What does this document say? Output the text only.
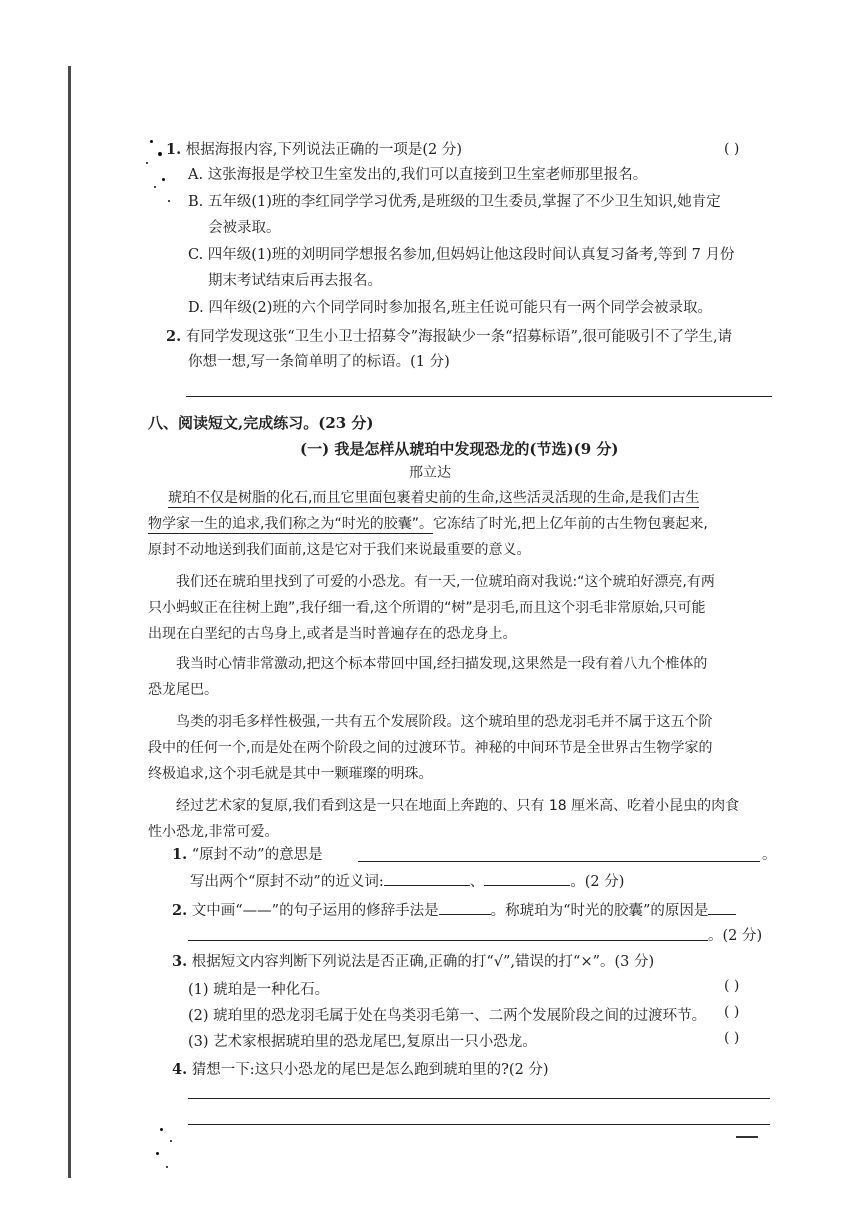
1. 根据海报内容,下列说法正确的一项是(2 分)	( )
A. 这张海报是学校卫生室发出的,我们可以直接到卫生室老师那里报名。
B. 五年级(1)班的李红同学学习优秀,是班级的卫生委员,掌握了不少卫生知识,她肯定
会被录取。
C. 四年级(1)班的刘明同学想报名参加,但妈妈让他这段时间认真复习备考,等到 7 月份
期末考试结束后再去报名。
D. 四年级(2)班的六个同学同时参加报名,班主任说可能只有一两个同学会被录取。
2. 有同学发现这张“卫生小卫士招募令”海报缺少一条“招募标语”,很可能吸引不了学生,请
你想一想,写一条简单明了的标语。(1 分)
八、阅读短文,完成练习。(23 分)
(一) 我是怎样从琥珀中发现恐龙的(节选)(9 分)
邢立达
琥珀不仅是树脂的化石,而且它里面包裹着史前的生命,这些活灵活现的生命,是我们古生
物学家一生的追求,我们称之为“时光的胶囊”。它冻结了时光,把上亿年前的古生物包裹起来,
原封不动地送到我们面前,这是它对于我们来说最重要的意义。
我们还在琥珀里找到了可爱的小恐龙。有一天,一位琥珀商对我说:“这个琥珀好漂亮,有两
只小蚂蚁正在往树上跑”,我仔细一看,这个所谓的“树”是羽毛,而且这个羽毛非常原始,只可能
出现在白垩纪的古鸟身上,或者是当时普遍存在的恐龙身上。
我当时心情非常激动,把这个标本带回中国,经扫描发现,这果然是一段有着八九个椎体的
恐龙尾巴。
鸟类的羽毛多样性极强,一共有五个发展阶段。这个琥珀里的恐龙羽毛并不属于这五个阶
段中的任何一个,而是处在两个阶段之间的过渡环节。神秘的中间环节是全世界古生物学家的
终极追求,这个羽毛就是其中一颗璀璨的明珠。
经过艺术家的复原,我们看到这是一只在地面上奔跑的、只有 18 厘米高、吃着小昆虫的肉食
性小恐龙,非常可爱。
1. “原封不动”的意思是	。
写出两个“原封不动”的近义词:	、	。(2 分)
2. 文中画“——”的句子运用的修辞手法是	。称琥珀为“时光的胶囊”的原因是
。(2 分)
3. 根据短文内容判断下列说法是否正确,正确的打“√”,错误的打“×”。(3 分)
(1) 琥珀是一种化石。	( )
(2) 琥珀里的恐龙羽毛属于处在鸟类羽毛第一、二两个发展阶段之间的过渡环节。 ( )
(3) 艺术家根据琥珀里的恐龙尾巴,复原出一只小恐龙。	( )
4. 猜想一下:这只小恐龙的尾巴是怎么跑到琥珀里的?(2 分)
